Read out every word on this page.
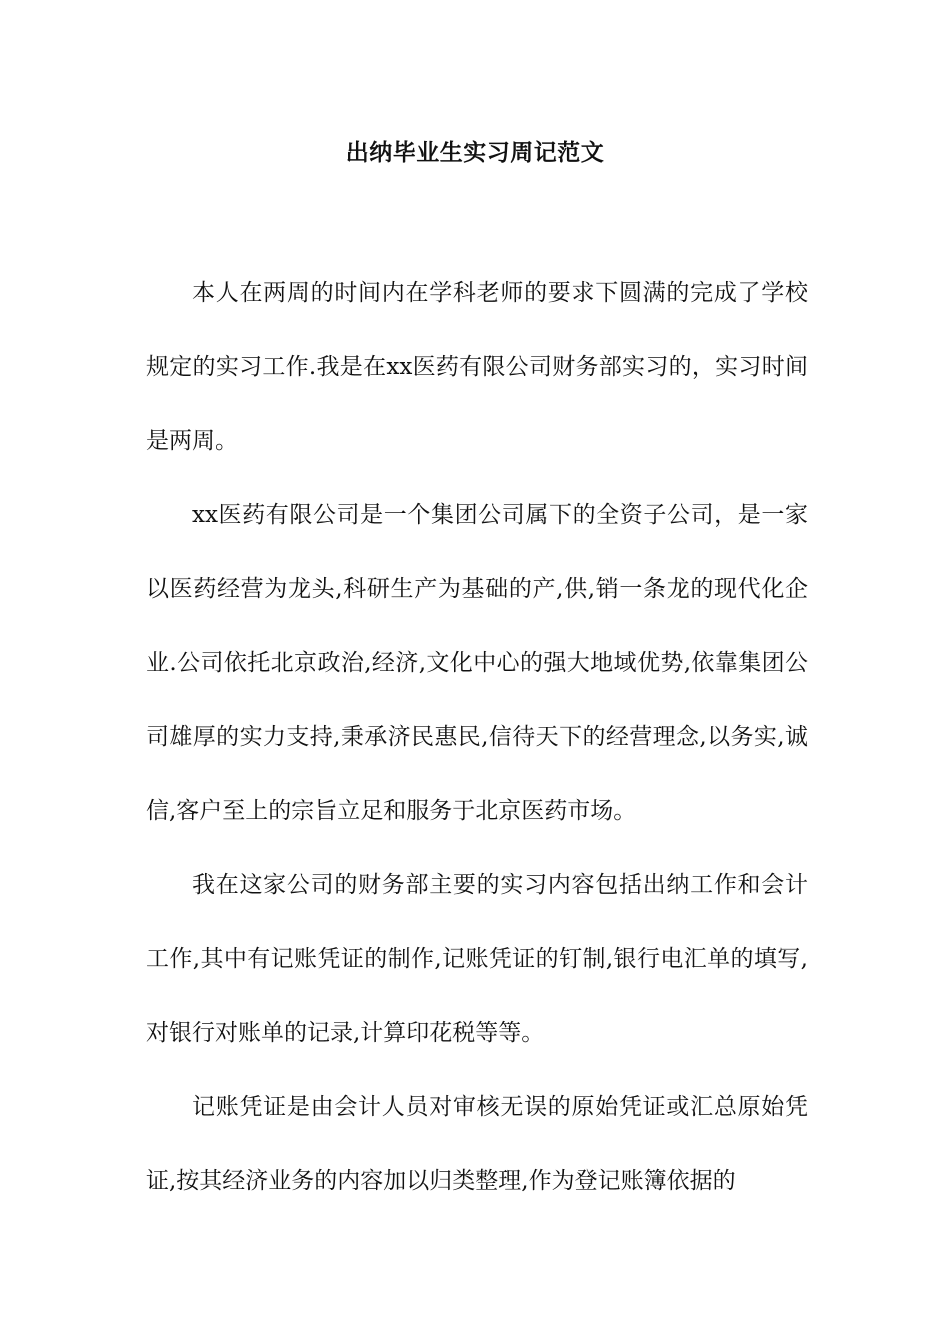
出纳毕业生实习周记范文

本人在两周的时间内在学科老师的要求下圆满的完成了学校规定的实习工作.我是在xx医药有限公司财务部实习的，实习时间是两周。

xx医药有限公司是一个集团公司属下的全资子公司，是一家以医药经营为龙头,科研生产为基础的产,供,销一条龙的现代化企业.公司依托北京政治,经济,文化中心的强大地域优势,依靠集团公司雄厚的实力支持,秉承济民惠民,信待天下的经营理念,以务实,诚信,客户至上的宗旨立足和服务于北京医药市场。

我在这家公司的财务部主要的实习内容包括出纳工作和会计工作,其中有记账凭证的制作,记账凭证的钉制,银行电汇单的填写,对银行对账单的记录,计算印花税等等。

记账凭证是由会计人员对审核无误的原始凭证或汇总原始凭证,按其经济业务的内容加以归类整理,作为登记账簿依据的
